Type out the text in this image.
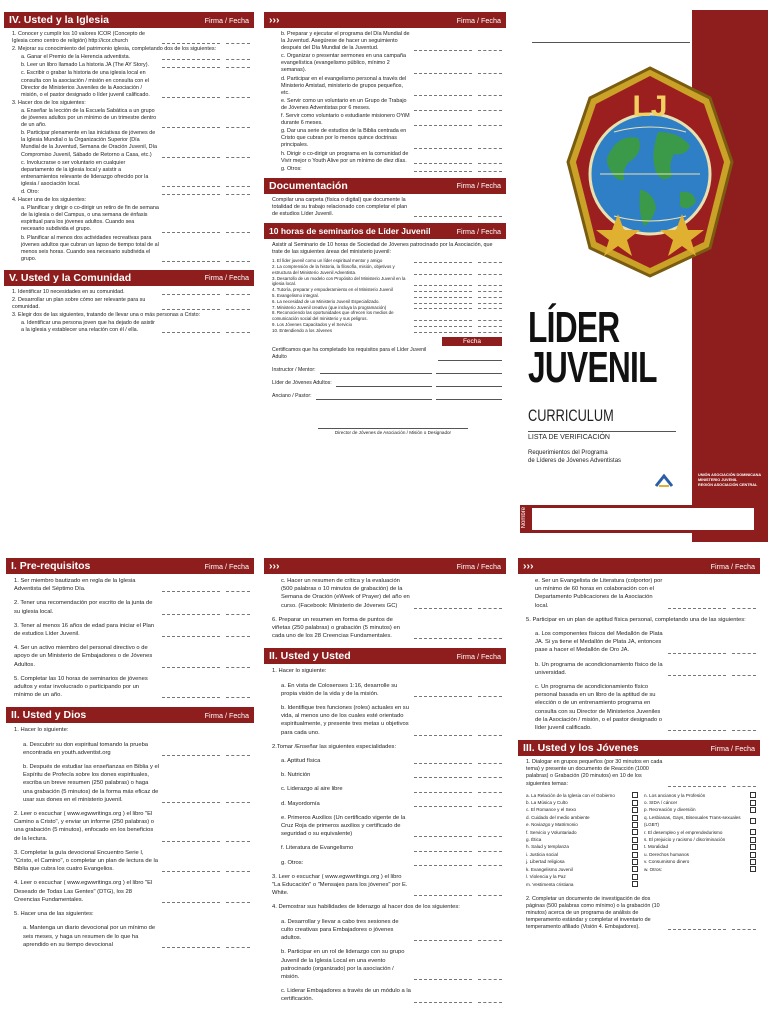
IV. Usted y la Iglesia	Firma / Fecha
1. Conocer y cumplir los 10 valores ICOR (Concepto de Iglesia como centro de religión) http://icor.church
2. Mejorar su conocimiento del patrimonio iglesia, completando dos de los siguientes:
a. Ganar el Premio de la Herencia adventista.
b. Leer un libro llamado La historia JA (The AY Story).
c. Escribir o grabar la historia de una iglesia local en consulta con la asociación / misión en consulta con el Director de Ministerios Juveniles de la Asociación / misión, o el pastor designado o líder juvenil calificado.
3. Hacer dos de los siguientes:
a. Enseñar la lección de la Escuela Sabática a un grupo de jóvenes adultos por un mínimo de un trimestre dentro de un año.
b. Participar plenamente en las iniciativas de jóvenes de la Iglesia Mundial o la Organización Superior (Día Mundial de la Juventud, Semana de Oración Juvenil, Día Compromiso Juvenil, Sábado de Retorno a Casa, etc.)
c. Involucrarse o ser voluntario en cualquier departamento de la iglesia local y asistir a entrenamientos relevante de liderazgo ofrecido por la iglesia / asociación local.
d. Otro:
4. Hacer una de los siguientes:
a. Planificar y dirigir o co-dirigir un retiro de fin de semana de la iglesia o del Campus, o una semana de énfasis espiritual para los jóvenes adultos. Cuando sea necesario subdivida el grupo.
b. Planificar al menos dos actividades recreativas para jóvenes adultos que cubran un lapso de tiempo total de al menos seis horas. Cuando sea necesario subdivida el grupo.
V. Usted y la Comunidad	Firma / Fecha
1. Identificar 10 necesidades en su comunidad.
2. Desarrollar un plan sobre cómo ser relevante para su comunidad.
3. Elegir dos de las siguientes, tratando de llevar una o más personas a Cristo:
a. Identificar una persona joven que ha dejado de asistir a la iglesia y establecer una relación con él / ella.
›››	Firma / Fecha
b. Preparar y ejecutar el programa del Día Mundial de la Juventud. Asegúrese de hacer un seguimiento después del Día Mundial de la Juventud.
c. Organizar o presentar sermones en una campaña evangelística (evangelismo público, mínimo 2 semanas).
d. Participar en el evangelismo personal a través del Ministerio Amistad, ministerio de grupos pequeños, etc.
e. Servir como un voluntario en un Grupo de Trabajo de Jóvenes Adventistas por 6 meses.
f. Servir como voluntario o estudiante misionero OYiM durante 6 meses.
g. Dar una serie de estudios de la Biblia centrada en Cristo que cubran por lo menos quince doctrinas principales.
h. Dirigir o co-dirigir un programa en la comunidad de Vivir mejor o Youth Alive por un mínimo de diez días.
g. Otros:
Documentación	Firma / Fecha
Compilar una carpeta (física o digital) que documente la totalidad de su trabajo relacionado con completar el plan de estudios Líder Juvenil.
10 horas de seminarios de Líder Juvenil	Firma / Fecha
Asistir al Seminario de 10 horas de Sociedad de Jóvenes patrocinado por la Asociación, que trate de las siguientes áreas del ministerio juvenil:
1. El líder juvenil como un líder espiritual mentor y amigo
2. La comprensión de la historia, la filosofía, misión, objetivos y estructura del Ministerio Juvenil Adventista.
3. Desarrollo de un modelo con Propósito del Ministerio Juvenil en la iglesia local.
4. Tutoría, preparar y empoderamiento en el Ministerio Juvenil
5. Evangelismo integral.
6. La necesidad de un Ministerio Juvenil Especializado.
7. Ministerio Juvenil creativo (que incluya la programación)
8. Reconociendo las oportunidades que ofrecen los medios de comunicación social del ministerio y sus peligros.
9. Los Jóvenes Capacitados y el Servicio
10. Entendiendo a los Jóvenes
Fecha
Certificamos que ha completado los requisitos para el Líder Juvenil Adulto
Instructor / Mentor:
Líder de Jóvenes Adultos:
Anciano / Pastor:
Director de Jóvenes de Asociación / Misión o Designador
LJ
LÍDER
JUVENIL
CURRICULUM
LISTA DE VERIFICACIÓN
Requerimientos del Programa
de Líderes de Jóvenes Adventistas
UNIÓN ASOCIACIÓN DOMINICANA
MINISTERIO JUVENIL
REGIÓN ASOCIACIÓN CENTRAL
Nombre
I. Pre-requisitos	Firma / Fecha
1. Ser miembro bautizado en regla de la Iglesia Adventista del Séptimo Día.
2. Tener una recomendación por escrito de la junta de su iglesia local.
3. Tener al menos 16 años de edad para iniciar el Plan de estudios Líder Juvenil.
4. Ser un activo miembro del personal directivo o de apoyo de un Ministerio de Embajadores o de Jóvenes Adultos.
5. Completar las 10 horas de seminarios de jóvenes adultos y estar involucrado o participando por un mínimo de un año.
II. Usted y Dios	Firma / Fecha
1. Hacer lo siguiente:
a. Descubrir su don espiritual tomando la prueba encontrada en youth.adventist.org
b. Después de estudiar las enseñanzas en Biblia y el Espíritu de Profecía sobre los dones espirituales, escriba un breve resumen (250 palabras) o haga una grabación (5 minutos) de la forma más eficaz de usar sus dones en el ministerio juvenil.
2. Leer o escuchar ( www.egwwritings.org ) el libro "El Camino a Cristo", y enviar un informe (250 palabras) o una grabación (5 minutos), enfocado en los beneficios de la lectura.
3. Completar la guía devocional Encuentro Serie I, "Cristo, el Camino", o completar un plan de lectura de la Biblia que cubra los cuatro Evangelios.
4. Leer o escuchar ( www.egwwritings.org ) el libro "El Deseado de Todas Las Gentes" (DTG), los 28 Creencias Fundamentales.
5. Hacer una de las siguientes:
a. Mantenga un diario devocional por un mínimo de seis meses, y haga un resumen de lo que ha aprendido en su tiempo devocional
›››	Firma / Fecha
c. Hacer un resumen de crítica y la evaluación (500 palabras o 10 minutos de grabación) de la Semana de Oración (eWeek of Prayer) del año en curso. (Facebook: Ministerio de Jóvenes GC)
6. Preparar un resumen en forma de puntos de viñetas (250 palabras) o grabación (5 minutos) en cada uno de los 28 Creencias Fundamentales.
II. Usted y Usted	Firma / Fecha
1. Hacer lo siguiente:
a. En vista de Colosenses 1:16, desarrolle su propia visión de la vida y de la misión.
b. Identifique tres funciones (roles) actuales en su vida, al menos uno de los cuales esté orientado espiritualmente, y presente tres metas u objetivos para cada uno.
2.Tomar /Enseñar las siguientes especialidades:
a. Aptitud física
b. Nutrición
c. Liderazgo al aire libre
d. Mayordomía
e. Primeros Auxilios (Un certificado vigente de la Cruz Roja de primeros auxilios y certificado de seguridad o su equivalente)
f. Literatura de Evangelismo
g. Otros:
3. Leer o escuchar ( www.egwwritings.org ) el libro "La Educación" o "Mensajes para los jóvenes" por E. White.
4. Demostrar sus habilidades de liderazgo al hacer dos de los siguientes:
a. Desarrollar y llevar a cabo tres sesiones de culto creativas para Embajadores o jóvenes adultos.
b. Participar en un rol de liderazgo con su grupo Juvenil de la Iglesia Local en una evento patrocinado (organizado) por la asociación / misión.
c. Liderar Embajadores a través de un módulo a la certificación.
›››	Firma / Fecha
e. Ser un Evangelista de Literatura (colportor) por un mínimo de 60 horas en colaboración con el Departamento Publicaciones de la Asociación local.
5. Participar en un plan de aptitud física personal, completando una de las siguientes:
a. Los componentes físicos del Medallón de Plata JA. Si ya tiene el Medallón de Plata JA, entonces pase a hacer el Medallón de Oro JA.
b. Un programa de acondicionamiento físico de la universidad.
c. Un programa de acondicionamiento físico personal basada en un libro de la aptitud de su elección o de un entrenamiento programa en consulta con su Director de Ministerios Juveniles de la Asociación / misión, o el pastor designado o líder juvenil calificado.
III. Usted y los Jóvenes	Firma / Fecha
1. Dialogar en grupos pequeños (por 30 minutos en cada tema) y presente un documento de Reacción (1000 palabras) o Grabación (20 minutos) en 10 de los siguientes temas:
a. La Relación de la Iglesia con el Gobierno
b. La Música y Culto
c. El Romance y el Sexo
d. Cuidado del medio ambiente
e. Noviazgo y Matrimonio
f. Servicio y Voluntariado
g. Ética
h. Salud y templanza
i. Justicia social
j. Libertad religiosa
k. Evangelismo Juvenil
l. Violencia y la Paz
m. Vestimenta cristiana
n. Los ancianos y la Profesión
o. SIDA / cáncer
p. Recreación y diversión
q. Lesbianas, Gays, Bisexuales Trans-sexuales (LGBT)
r. El desempleo y el emprendedurismo
s. El prejuicio y racismo / discriminación
t. Moralidad
u. Derechos humanos
v. Consumismo dinero
w. Otros:
2. Completar un documento de investigación de dos páginas (500 palabras como mínimo) o la grabación (10 minutos) acerca de un programa de análisis de temperamento estándar y completar el inventario de temperamento afiliado (Visión 4. Embajadores).
